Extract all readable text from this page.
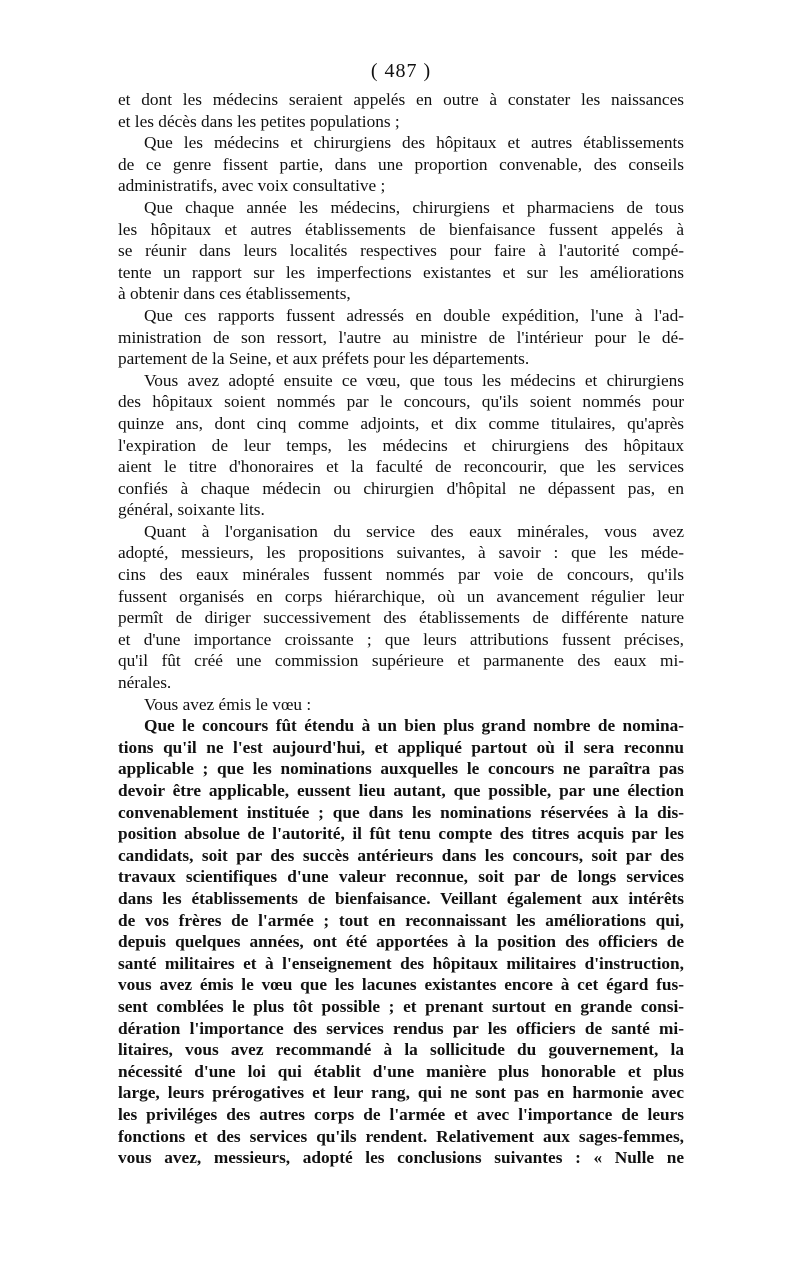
( 487 )
et dont les médecins seraient appelés en outre à constater les naissances
et les décès dans les petites populations ;
Que les médecins et chirurgiens des hôpitaux et autres établissements
de ce genre fissent partie, dans une proportion convenable, des conseils
administratifs, avec voix consultative ;
Que chaque année les médecins, chirurgiens et pharmaciens de tous
les hôpitaux et autres établissements de bienfaisance fussent appelés à
se réunir dans leurs localités respectives pour faire à l'autorité compé-
tente un rapport sur les imperfections existantes et sur les améliorations
à obtenir dans ces établissements,
Que ces rapports fussent adressés en double expédition, l'une à l'ad-
ministration de son ressort, l'autre au ministre de l'intérieur pour le dé-
partement de la Seine, et aux préfets pour les départements.
Vous avez adopté ensuite ce vœu, que tous les médecins et chirurgiens
des hôpitaux soient nommés par le concours, qu'ils soient nommés pour
quinze ans, dont cinq comme adjoints, et dix comme titulaires, qu'après
l'expiration de leur temps, les médecins et chirurgiens des hôpitaux
aient le titre d'honoraires et la faculté de reconcourir, que les services
confiés à chaque médecin ou chirurgien d'hôpital ne dépassent pas, en
général, soixante lits.
Quant à l'organisation du service des eaux minérales, vous avez
adopté, messieurs, les propositions suivantes, à savoir : que les méde-
cins des eaux minérales fussent nommés par voie de concours, qu'ils
fussent organisés en corps hiérarchique, où un avancement régulier leur
permît de diriger successivement des établissements de différente nature
et d'une importance croissante ; que leurs attributions fussent précises,
qu'il fût créé une commission supérieure et parmanente des eaux mi-
nérales.
Vous avez émis le vœu :
Que le concours fût étendu à un bien plus grand nombre de nomina-
tions qu'il ne l'est aujourd'hui, et appliqué partout où il sera reconnu
applicable ; que les nominations auxquelles le concours ne paraîtra pas
devoir être applicable, eussent lieu autant, que possible, par une élection
convenablement instituée ; que dans les nominations réservées à la dis-
position absolue de l'autorité, il fût tenu compte des titres acquis par les
candidats, soit par des succès antérieurs dans les concours, soit par des
travaux scientifiques d'une valeur reconnue, soit par de longs services
dans les établissements de bienfaisance. Veillant également aux intérêts
de vos frères de l'armée ; tout en reconnaissant les améliorations qui,
depuis quelques années, ont été apportées à la position des officiers de
santé militaires et à l'enseignement des hôpitaux militaires d'instruction,
vous avez émis le vœu que les lacunes existantes encore à cet égard fus-
sent comblées le plus tôt possible ; et prenant surtout en grande consi-
dération l'importance des services rendus par les officiers de santé mi-
litaires, vous avez recommandé à la sollicitude du gouvernement, la
nécessité d'une loi qui établit d'une manière plus honorable et plus
large, leurs prérogatives et leur rang, qui ne sont pas en harmonie avec
les priviléges des autres corps de l'armée et avec l'importance de leurs
fonctions et des services qu'ils rendent. Relativement aux sages-femmes,
vous avez, messieurs, adopté les conclusions suivantes : « Nulle ne
